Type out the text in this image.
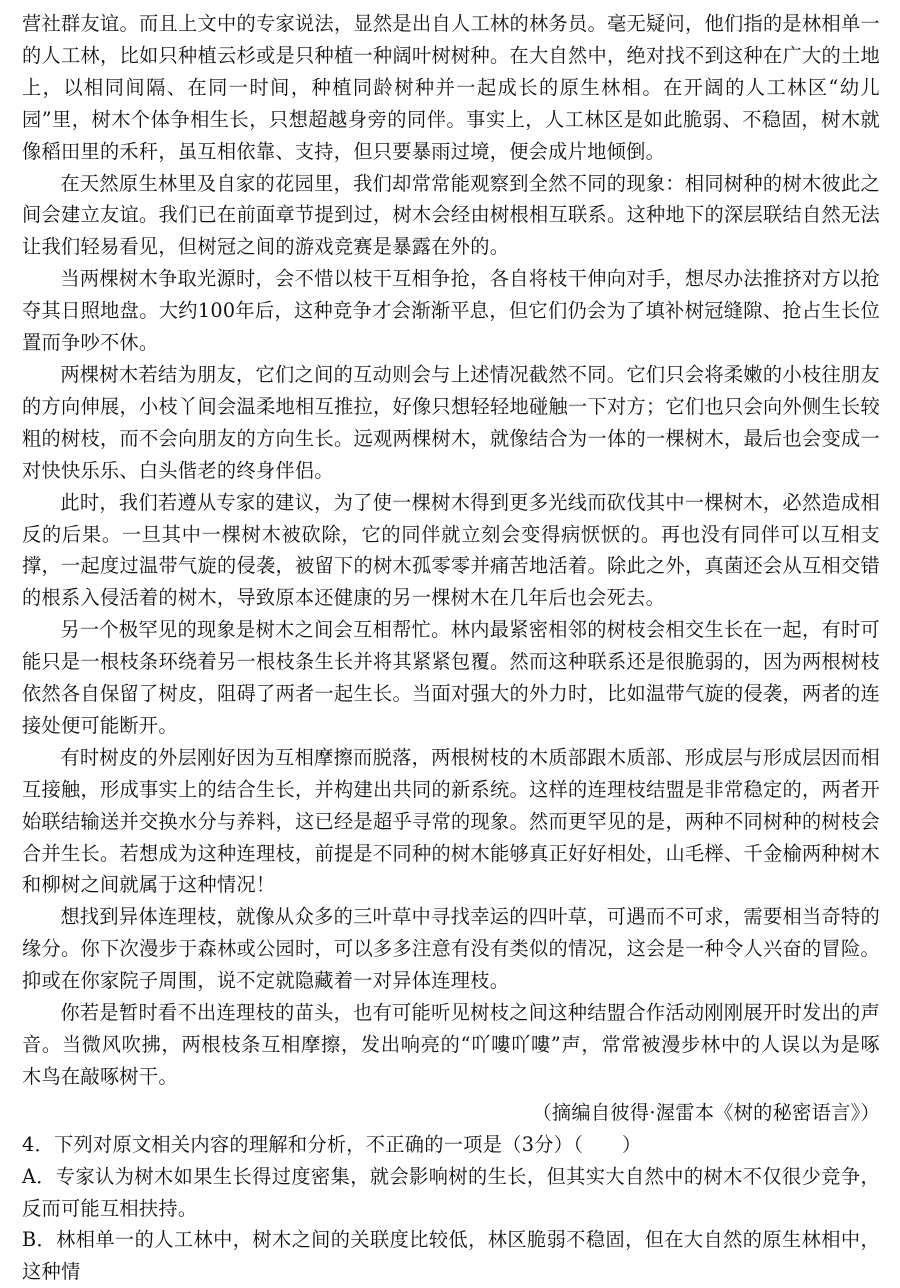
营社群友谊。而且上文中的专家说法，显然是出自人工林的林务员。毫无疑问，他们指的是林相单一的人工林，比如只种植云杉或是只种植一种阔叶树树种。在大自然中，绝对找不到这种在广大的土地上，以相同间隔、在同一时间，种植同龄树种并一起成长的原生林相。在开阔的人工林区“幼儿园”里，树木个体争相生长，只想超越身旁的同伴。事实上，人工林区是如此脆弱、不稳固，树木就像稻田里的禾秆，虽互相依靠、支持，但只要暴雨过境，便会成片地倾倒。

在天然原生林里及自家的花园里，我们却常常能观察到全然不同的现象：相同树种的树木彼此之间会建立友谊。我们已在前面章节提到过，树木会经由树根相互联系。这种地下的深层联结自然无法让我们轻易看见，但树冠之间的游戏竞赛是暴露在外的。

当两棵树木争取光源时，会不惜以枝干互相争抢，各自将枝干伸向对手，想尽办法推挤对方以抢夺其日照地盘。大约100年后，这种竞争才会渐渐平息，但它们仍会为了填补树冠缝隙、抢占生长位置而争吵不休。

两棵树木若结为朋友，它们之间的互动则会与上述情况截然不同。它们只会将柔嫩的小枝往朋友的方向伸展，小枝丫间会温柔地相互推拉，好像只想轻轻地碰触一下对方；它们也只会向外侧生长较粗的树枝，而不会向朋友的方向生长。远观两棵树木，就像结合为一体的一棵树木，最后也会变成一对快快乐乐、白头偕老的终身伴侣。

此时，我们若遵从专家的建议，为了使一棵树木得到更多光线而砍伐其中一棵树木，必然造成相反的后果。一旦其中一棵树木被砍除，它的同伴就立刻会变得病恹恹的。再也没有同伴可以互相支撑，一起度过温带气旋的侵袭，被留下的树木孤零零并痛苦地活着。除此之外，真菌还会从互相交错的根系入侵活着的树木，导致原本还健康的另一棵树木在几年后也会死去。

另一个极罕见的现象是树木之间会互相帮忙。林内最紧密相邻的树枝会相交生长在一起，有时可能只是一根枝条环绕着另一根枝条生长并将其紧紧包覆。然而这种联系还是很脆弱的，因为两根树枝依然各自保留了树皮，阻碍了两者一起生长。当面对强大的外力时，比如温带气旋的侵袭，两者的连接处便可能断开。

有时树皮的外层刚好因为互相摩擦而脱落，两根树枝的木质部跟木质部、形成层与形成层因而相互接触，形成事实上的结合生长，并构建出共同的新系统。这样的连理枝结盟是非常稳定的，两者开始联结输送并交换水分与养料，这已经是超乎寻常的现象。然而更罕见的是，两种不同树种的树枝会合并生长。若想成为这种连理枝，前提是不同种的树木能够真正好好相处，山毛榉、千金榆两种树木和柳树之间就属于这种情况！

想找到异体连理枝，就像从众多的三叶草中寻找幸运的四叶草，可遇而不可求，需要相当奇特的缘分。你下次漫步于森林或公园时，可以多多注意有没有类似的情况，这会是一种令人兴奋的冒险。抑或在你家院子周围，说不定就隐藏着一对异体连理枝。

你若是暂时看不出连理枝的苗头，也有可能听见树枝之间这种结盟合作活动刚刚展开时发出的声音。当微风吹拂，两根枝条互相摩擦，发出响亮的“吖嘍吖嘍”声，常常被漫步林中的人误以为是啄木鸟在敲啄树干。

（摘编自彼得·渥雷本《树的秘密语言》）

4．下列对原文相关内容的理解和分析，不正确的一项是（3分）（　　）

A．专家认为树木如果生长得过度密集，就会影响树的生长，但其实大自然中的树木不仅很少竞争，反而可能互相扶持。

B．林相单一的人工林中，树木之间的关联度比较低，林区脆弱不稳固，但在大自然的原生林相中，这种情
